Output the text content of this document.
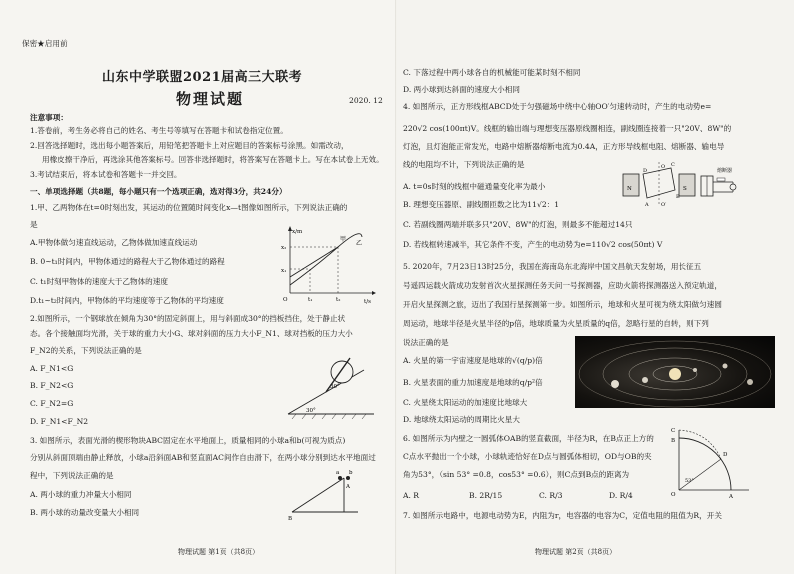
保密★启用前
山东中学联盟2021届高三大联考
物理试题	2020. 12
注意事项：
1.答卷前，考生务必将自己的姓名、考生号等填写在答题卡和试卷指定位置。
2.回答选择题时，选出每小题答案后，用铅笔把答题卡上对应题目的答案标号涂黑。如需改动，
用橡皮擦干净后，再选涂其他答案标号。回答非选择题时，将答案写在答题卡上。写在本试卷上无效。
3.考试结束后，将本试卷和答题卡一并交回。
一、单项选择题（共8题，每小题只有一个选项正确，选对得3分，共24分）
1.甲、乙两物体在t=0时刻出发，其运动的位置随时间变化x—t图像如图所示，下列说法正确的
是
A.甲物体做匀速直线运动，乙物体做加速直线运动
B. 0~t₁时间内，甲物体通过的路程大于乙物体通过的路程
C. t₁时刻甲物体的速度大于乙物体的速度
D.t₁~t₂时间内，甲物体的平均速度等于乙物体的平均速度
x/m
t/s
甲
乙
x₂
x₁
O	t₁	t₂
2.如图所示，一个钢球放在倾角为30°的固定斜面上，用与斜面成30°的挡板挡住，处于静止状
态。各个接触面均光滑，关于球的重力大小G、球对斜面的压力大小F_N1、球对挡板的压力大小
F_N2的关系，下列说法正确的是
A. F_N1<G
B. F_N2<G
C. F_N2=G
D. F_N1<F_N2
30°
30°
3. 如图所示，表面光滑的楔形物块ABC固定在水平地面上，质量相同的小球a和b(可视为质点)
分别从斜面顶端由静止释放，小球a沿斜面AB和竖直面AC间作自由滑下，在两小球分别到达水平地面过
程中，下列说法正确的是
A. 两小球的重力冲量大小相同
B. 两小球的动量改变量大小相同
a b
A
B
物理试题 第1页（共8页）
C. 下落过程中两小球各自的机械能可能某时刻不相同
D. 两小球到达斜面的速度大小相同
4. 如图所示，正方形线框ABCD处于匀强磁场中绕中心轴OO′匀速转动时，产生的电动势e=
220√2 cos(100πt)V。线框的输出端与理想变压器原线圈相连，副线圈连接着一只"20V、8W"的
灯泡，且灯泡能正常发光，电路中熔断器熔断电流为0.4A，正方形导线框电阻、熔断器、输电导
线的电阻均不计，下列说法正确的是
A. t=0s时刻的线框中磁通量变化率为最小
B. 理想变压器原、副线圈匝数之比为11√2：1
C. 若副线圈两端并联多只"20V、8W"的灯泡，则最多不能超过14只
D. 若线框转速减半，其它条件不变，产生的电动势为e=110√2 cos(50πt) V
熔断器
N	S
D
C
B
A
O
O′
5. 2020年，7月23日13时25分，我国在海南岛东北海岸中国文昌航天发射场，用长征五
号遥四运载火箭成功发射首次火星探测任务天问一号探测器，应助火箭将探测器送入预定轨道，
开启火星探测之旅，迈出了我国行星探测第一步。如图所示，地球和火星可视为绕太阳做匀速圆
周运动，地球半径是火星半径的p倍，地球质量为火星质量的q倍，忽略行星的自转，则下列
说法正确的是
A. 火星的第一宇宙速度是地球的√(q/p)倍
B. 火星表面的重力加速度是地球的q/p²倍
C. 火星绕太阳运动的加速度比地球大
D. 地球绕太阳运动的周期比火星大
6. 如图所示为内壁之一圆弧体OAB的竖直截面，半径为R，在B点正上方的
C点水平抛出一个小球，小球轨迹恰好在D点与圆弧体相切，OD与OB的夹
角为53°，（sin 53° =0.8，cos53° =0.6），则C点到B点的距离为
A. R	B. 2R/15	C. R/3	D. R/4
C
B
D
O	A
53°
7. 如图所示电路中，电源电动势为E，内阻为r，电容器的电容为C，定值电阻的阻值为R，开关
物理试题 第2页（共8页）
